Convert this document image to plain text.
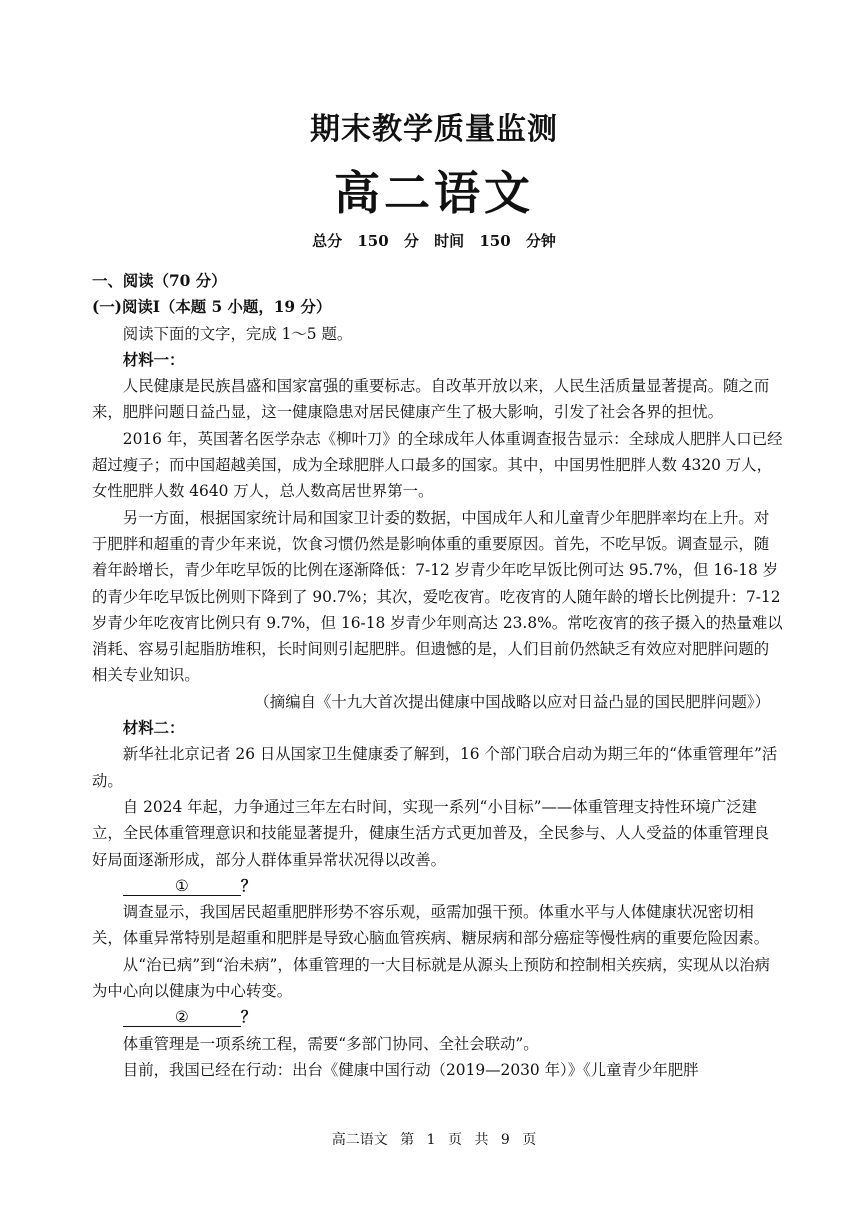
期末教学质量监测
高二语文
总分 150 分 时间 150 分钟

一、阅读（70 分）

(一)阅读Ⅰ（本题 5 小题，19 分）

阅读下面的文字，完成 1～5 题。

材料一：

人民健康是民族昌盛和国家富强的重要标志。自改革开放以来，人民生活质量显著提高。随之而来，肥胖问题日益凸显，这一健康隐患对居民健康产生了极大影响，引发了社会各界的担忧。

2016 年，英国著名医学杂志《柳叶刀》的全球成年人体重调查报告显示：全球成人肥胖人口已经超过瘦子；而中国超越美国，成为全球肥胖人口最多的国家。其中，中国男性肥胖人数 4320 万人，女性肥胖人数 4640 万人，总人数高居世界第一。

另一方面，根据国家统计局和国家卫计委的数据，中国成年人和儿童青少年肥胖率均在上升。对于肥胖和超重的青少年来说，饮食习惯仍然是影响体重的重要原因。首先，不吃早饭。调查显示，随着年龄增长，青少年吃早饭的比例在逐渐降低：7-12 岁青少年吃早饭比例可达 95.7%，但 16-18 岁的青少年吃早饭比例则下降到了 90.7%；其次，爱吃夜宵。吃夜宵的人随年龄的增长比例提升：7-12 岁青少年吃夜宵比例只有 9.7%，但 16-18 岁青少年则高达 23.8%。常吃夜宵的孩子摄入的热量难以消耗、容易引起脂肪堆积，长时间则引起肥胖。但遗憾的是，人们目前仍然缺乏有效应对肥胖问题的相关专业知识。

（摘编自《十九大首次提出健康中国战略以应对日益凸显的国民肥胖问题》）

材料二：

新华社北京记者 26 日从国家卫生健康委了解到，16 个部门联合启动为期三年的“体重管理年”活动。

自 2024 年起，力争通过三年左右时间，实现一系列“小目标”——体重管理支持性环境广泛建立，全民体重管理意识和技能显著提升，健康生活方式更加普及，全民参与、人人受益的体重管理良好局面逐渐形成，部分人群体重异常状况得以改善。

①	？

调查显示，我国居民超重肥胖形势不容乐观，亟需加强干预。体重水平与人体健康状况密切相关，体重异常特别是超重和肥胖是导致心脑血管疾病、糖尿病和部分癌症等慢性病的重要危险因素。

从“治已病”到“治未病”，体重管理的一大目标就是从源头上预防和控制相关疾病，实现从以治病为中心向以健康为中心转变。

②	？

体重管理是一项系统工程，需要“多部门协同、全社会联动”。

目前，我国已经在行动：出台《健康中国行动（2019—2030 年）》《儿童青少年肥胖

高二语文 第 1 页 共 9 页
